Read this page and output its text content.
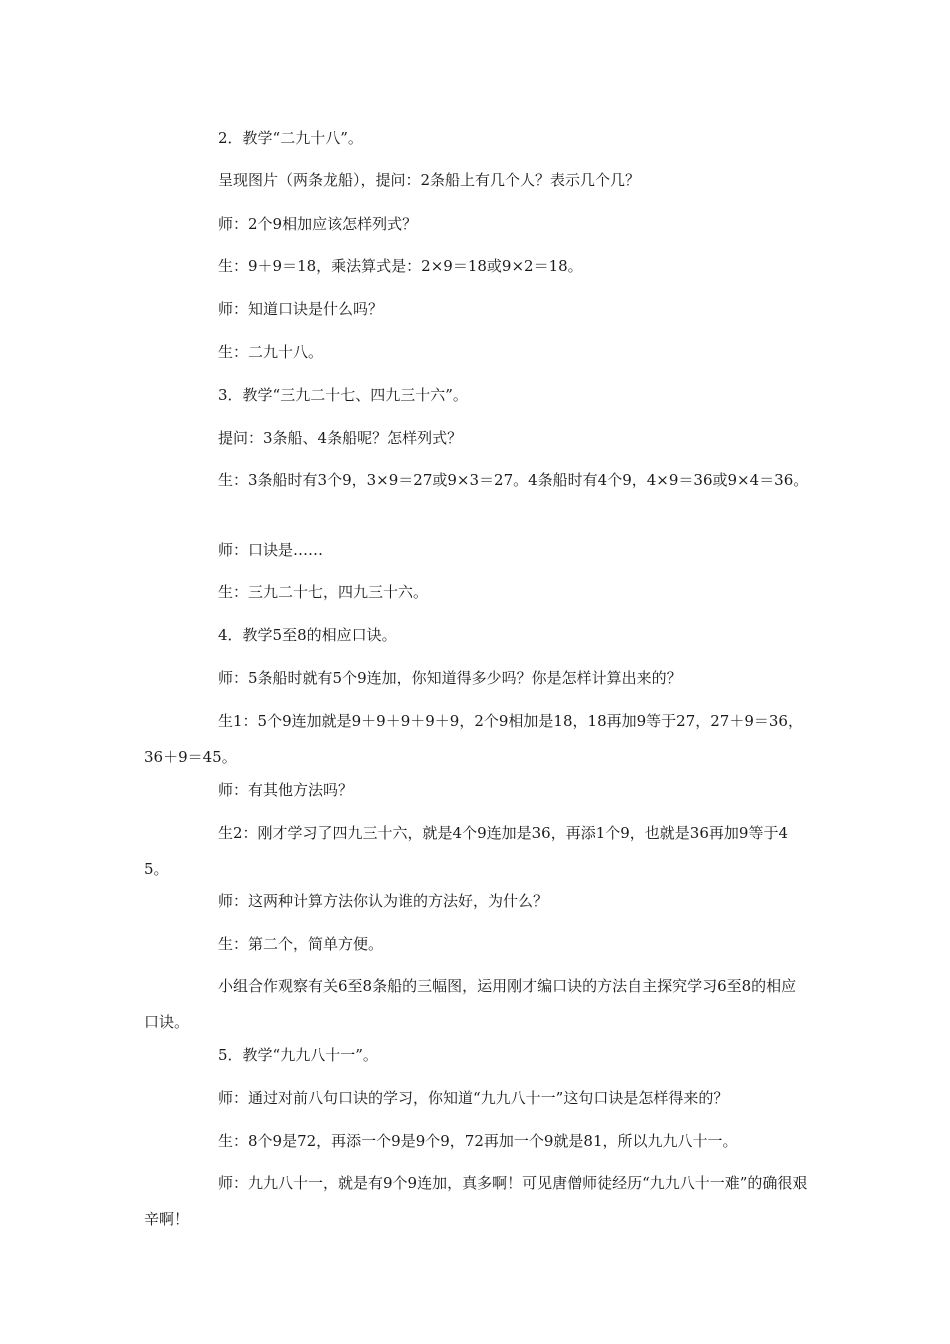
2．教学“二九十八”。

呈现图片（两条龙船），提问：2条船上有几个人？表示几个几？

师：2个9相加应该怎样列式？

生：9＋9＝18，乘法算式是：2×9＝18或9×2＝18。

师：知道口诀是什么吗？

生：二九十八。

3．教学“三九二十七、四九三十六”。

提问：3条船、4条船呢？怎样列式？

生：3条船时有3个9，3×9＝27或9×3＝27。4条船时有4个9，4×9＝36或9×4＝36。

师：口诀是……

生：三九二十七，四九三十六。

4．教学5至8的相应口诀。

师：5条船时就有5个9连加，你知道得多少吗？你是怎样计算出来的？

生1：5个9连加就是9＋9＋9＋9＋9，2个9相加是18，18再加9等于27，27＋9＝36，36＋9＝45。

师：有其他方法吗？

生2：刚才学习了四九三十六，就是4个9连加是36，再添1个9，也就是36再加9等于45。

师：这两种计算方法你认为谁的方法好，为什么？

生：第二个，简单方便。

小组合作观察有关6至8条船的三幅图，运用刚才编口诀的方法自主探究学习6至8的相应口诀。

5．教学“九九八十一”。

师：通过对前八句口诀的学习，你知道“九九八十一”这句口诀是怎样得来的？

生：8个9是72，再添一个9是9个9，72再加一个9就是81，所以九九八十一。

师：九九八十一，就是有9个9连加，真多啊！可见唐僧师徒经历“九九八十一难”的确很艰辛啊！
